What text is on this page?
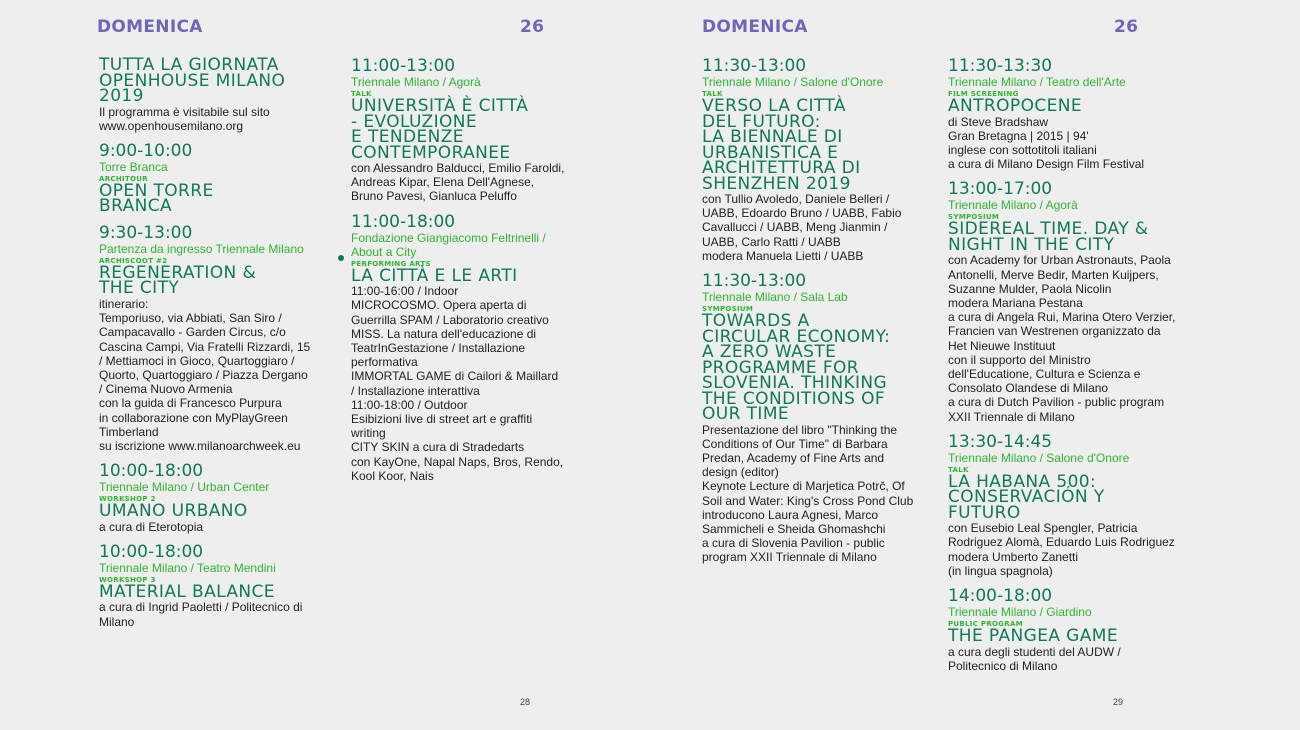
DOMENICA	26	DOMENICA	26
TUTTA LA GIORNATA
OPENHOUSE MILANO
2019
Il programma è visitabile sul sito
www.openhousemilano.org
9:00-10:00
Torre Branca
ARCHITOUR
OPEN TORRE
BRANCA
9:30-13:00
Partenza da ingresso Triennale Milano
ARCHISCOOT #2
REGENERATION &
THE CITY
itinerario:
Temporiuso, via Abbiati, San Siro /
Campacavallo - Garden Circus, c/o
Cascina Campi, Via Fratelli Rizzardi, 15
/ Mettiamoci in Gioco, Quartoggiaro /
Quorto, Quartoggiaro / Piazza Dergano
/ Cinema Nuovo Armenia
con la guida di Francesco Purpura
in collaborazione con MyPlayGreen
Timberland
su iscrizione www.milanoarchweek.eu
10:00-18:00
Triennale Milano / Urban Center
WORKSHOP 2
UMANO URBANO
a cura di Eterotopia
10:00-18:00
Triennale Milano / Teatro Mendini
WORKSHOP 3
MATERIAL BALANCE
a cura di Ingrid Paoletti / Politecnico di
Milano
11:00-13:00
Triennale Milano / Agorà
TALK
UNIVERSITÀ È CITTÀ
- EVOLUZIONE
E TENDENZE
CONTEMPORANEE
con Alessandro Balducci, Emilio Faroldi,
Andreas Kipar, Elena Dell'Agnese,
Bruno Pavesi, Gianluca Peluffo
11:00-18:00
Fondazione Giangiacomo Feltrinelli /
About a City
PERFORMING ARTS
LA CITTÀ E LE ARTI
11:00-16:00 / Indoor
MICROCOSMO. Opera aperta di
Guerrilla SPAM / Laboratorio creativo
MISS. La natura dell'educazione di
TeatrInGestazione / Installazione
performativa
IMMORTAL GAME di Cailori & Maillard
/ Installazione interattiva
11:00-18:00 / Outdoor
Esibizioni live di street art e graffiti
writing
CITY SKIN a cura di Stradedarts
con KayOne, Napal Naps, Bros, Rendo,
Kool Koor, Nais
11:30-13:00
Triennale Milano / Salone d'Onore
TALK
VERSO LA CITTÀ
DEL FUTURO:
LA BIENNALE DI
URBANISTICA E
ARCHITETTURA DI
SHENZHEN 2019
con Tullio Avoledo, Daniele Belleri /
UABB, Edoardo Bruno / UABB, Fabio
Cavallucci / UABB, Meng Jianmin /
UABB, Carlo Ratti / UABB
modera Manuela Lietti / UABB
11:30-13:00
Triennale Milano / Sala Lab
SYMPOSIUM
TOWARDS A
CIRCULAR ECONOMY:
A ZERO WASTE
PROGRAMME FOR
SLOVENIA. THINKING
THE CONDITIONS OF
OUR TIME
Presentazione del libro "Thinking the
Conditions of Our Time" di Barbara
Predan, Academy of Fine Arts and
design (editor)
Keynote Lecture di Marjetica Potrč, Of
Soil and Water: King's Cross Pond Club
introducono Laura Agnesi, Marco
Sammicheli e Sheida Ghomashchi
a cura di Slovenia Pavilion - public
program XXII Triennale di Milano
11:30-13:30
Triennale Milano / Teatro dell'Arte
FILM SCREENING
ANTROPOCENE
di Steve Bradshaw
Gran Bretagna | 2015 | 94'
inglese con sottotitoli italiani
a cura di Milano Design Film Festival
13:00-17:00
Triennale Milano / Agorà
SYMPOSIUM
SIDEREAL TIME. DAY &
NIGHT IN THE CITY
con Academy for Urban Astronauts, Paola
Antonelli, Merve Bedir, Marten Kuijpers,
Suzanne Mulder, Paola Nicolin
modera Mariana Pestana
a cura di Angela Rui, Marina Otero Verzier,
Francien van Westrenen organizzato da
Het Nieuwe Instituut
con il supporto del Ministro
dell'Educatione, Cultura e Scienza e
Consolato Olandese di Milano
a cura di Dutch Pavilion - public program
XXII Triennale di Milano
13:30-14:45
Triennale Milano / Salone d'Onore
TALK
LA HABANA 500:
CONSERVACIÓN Y
FUTURO
con Eusebio Leal Spengler, Patricia
Rodriguez Alomà, Eduardo Luis Rodriguez
modera Umberto Zanetti
(in lingua spagnola)
14:00-18:00
Triennale Milano / Giardino
PUBLIC PROGRAM
THE PANGEA GAME
a cura degli studenti del AUDW /
Politecnico di Milano
28	29
